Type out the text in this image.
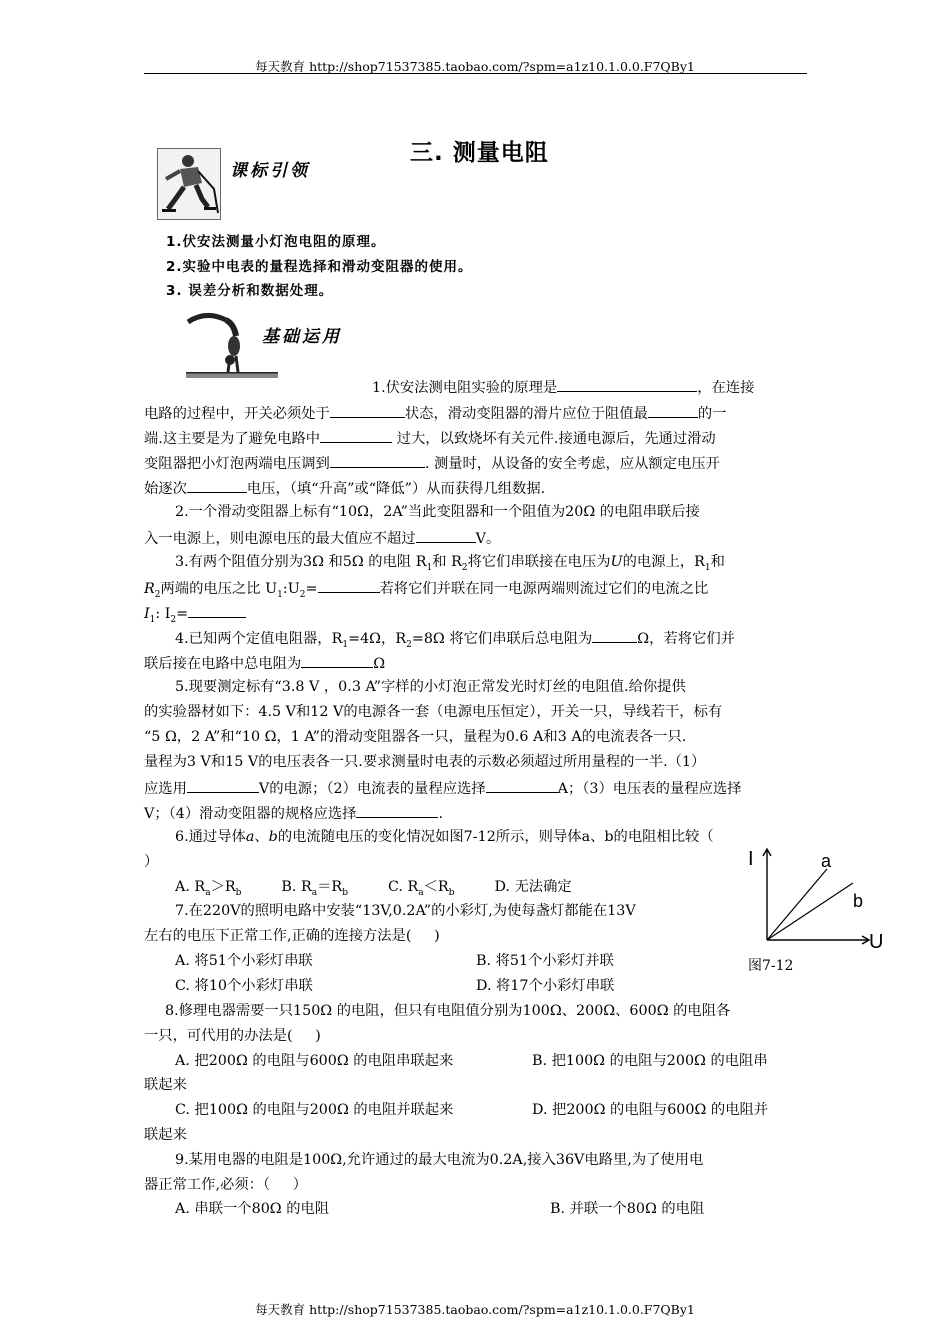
每天教育 http://shop71537385.taobao.com/?spm=a1z10.1.0.0.F7QBy1
三. 测量电阻
课标引领
1.伏安法测量小灯泡电阻的原理。
2.实验中电表的量程选择和滑动变阻器的使用。
3. 误差分析和数据处理。
基础运用
1.伏安法测电阻实验的原理是	，在连接
电路的过程中，开关必须处于	状态，滑动变阻器的滑片应位于阻值最	的一
端.这主要是为了避免电路中	过大，以致烧坏有关元件.接通电源后，先通过滑动
变阻器把小灯泡两端电压调到	. 测量时，从设备的安全考虑，应从额定电压开
始逐次	电压，（填“升高”或“降低”）从而获得几组数据.
2.一个滑动变阻器上标有“10Ω，2A”当此变阻器和一个阻值为20Ω 的电阻串联后接
入一电源上，则电源电压的最大值应不超过	V。
3.有两个阻值分别为3Ω 和5Ω 的电阻 $R_1$和 $R_2$将它们串联接在电压为U的电源上，$R_1$和
$R_2$两端的电压之比 $U_1:U_2=$	若将它们并联在同一电源两端则流过它们的电流之比
$I_1$: $I_2=$
4.已知两个定值电阻器，$R_1=4\Omega$，$R_2=8\Omega$ 将它们串联后总电阻为	Ω，若将它们并
联后接在电路中总电阻为	Ω
5.现要测定标有“3.8 V ，0.3 A”字样的小灯泡正常发光时灯丝的电阻值.给你提供
的实验器材如下：4.5 V和12 V的电源各一套（电源电压恒定），开关一只，导线若干，标有
“5 Ω，2 A”和“10 Ω，1 A”的滑动变阻器各一只，量程为0.6 A和3 A的电流表各一只.
量程为3 V和15 V的电压表各一只.要求测量时电表的示数必须超过所用量程的一半.（1）
应选用	V的电源；（2）电流表的量程应选择	A；（3）电压表的量程应选择
V；（4）滑动变阻器的规格应选择	.
6.通过导体a、b的电流随电压的变化情况如图7-12所示，则导体a、b的电阻相比较（
）
A. $R_a>R_b$	B. $R_a=R_b$	C. $R_a<R_b$	D. 无法确定
7.在220V的照明电路中安装“13V,0.2A”的小彩灯,为使每盏灯都能在13V
左右的电压下正常工作,正确的连接方法是(     )
A. 将51个小彩灯串联	B. 将51个小彩灯并联
C. 将10个小彩灯串联	D. 将17个小彩灯串联
8.修理电器需要一只150Ω 的电阻，但只有电阻值分别为100Ω、200Ω、600Ω 的电阻各
一只，可代用的办法是(     )
A. 把200Ω 的电阻与600Ω 的电阻串联起来	B. 把100Ω 的电阻与200Ω 的电阻串
联起来
C. 把100Ω 的电阻与200Ω 的电阻并联起来	D. 把200Ω 的电阻与600Ω 的电阻并
联起来
9.某用电器的电阻是100Ω,允许通过的最大电流为0.2A,接入36V电路里,为了使用电
器正常工作,必须：（     ）
A. 串联一个80Ω 的电阻	B. 并联一个80Ω 的电阻
I
U
a
b
图7-12
每天教育 http://shop71537385.taobao.com/?spm=a1z10.1.0.0.F7QBy1
